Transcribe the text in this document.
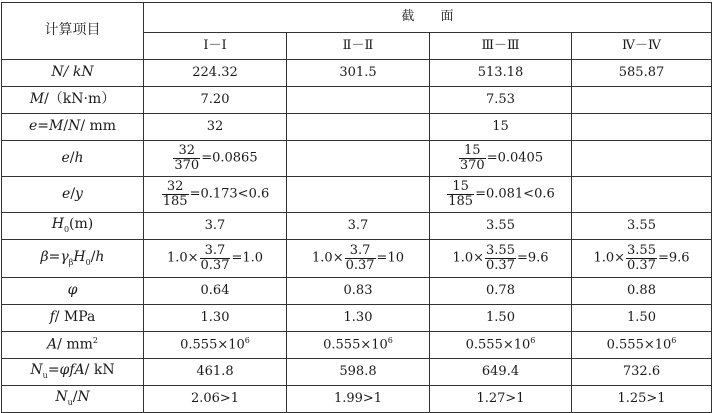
计算项目	截　　面			
	Ⅰ－Ⅰ	Ⅱ－Ⅱ	Ⅲ－Ⅲ	Ⅳ－Ⅳ
N/ kN	224.32	301.5	513.18	585.87
M/（kN·m）	7.20		7.53	
e=M/N/ mm	32		15	
e/h	$\frac{32}{370} =0.0865$		$\frac{15}{370} =0.0405$	
e/y	$\frac{32}{185} =0.173<0.6$		$\frac{15}{185} =0.081<0.6$	
$H_0(m)$	3.7	3.7	3.55	3.55
$\beta=\gamma_\beta H_0/h$	$1.0\times \frac{3.7}{0.37} =1.0$	$1.0\times \frac{3.7}{0.37} =10$	$1.0\times \frac{3.55}{0.37} =9.6$	$1.0\times \frac{3.55}{0.37} =9.6$
φ	0.64	0.83	0.78	0.88
f/ MPa	1.30	1.30	1.50	1.50
A/ $mm^2$	$0.555\times 10^6$	$0.555\times 10^6$	$0.555\times 10^6$	$0.555\times 10^6$
$N_u=\varphi fA/$ kN	461.8	598.8	649.4	732.6
$N_u/N$	2.06>1	1.99>1	1.27>1	1.25>1
